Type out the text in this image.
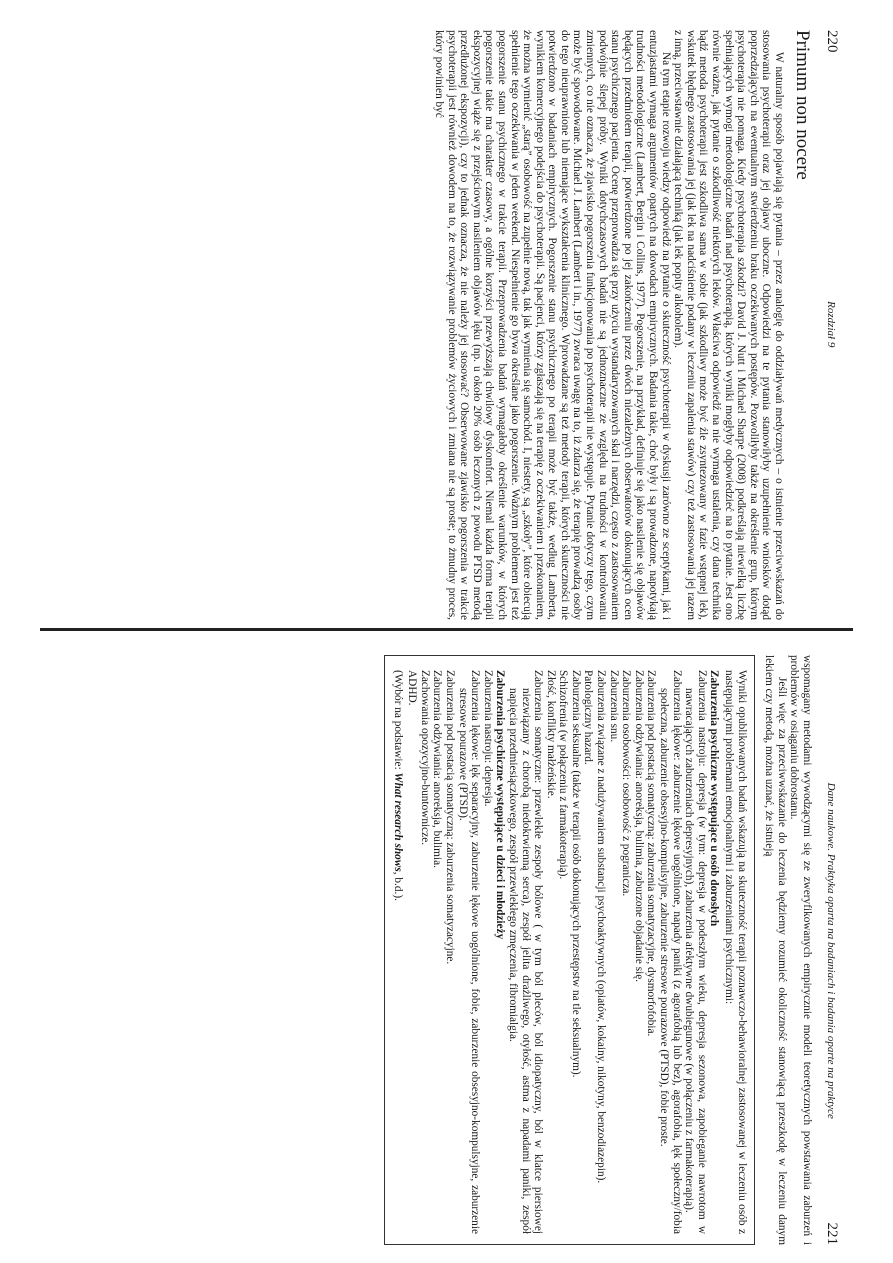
220
Rozdział 9
Primum non nocere

W naturalny sposób pojawiają się pytania – przez analogię do oddziaływań medycznych – o istnienie przeciwwskazań do stosowania psychoterapii oraz jej objawy uboczne. Odpowiedzi na te pytania stanowiłyby uzupełnienie wniosków dotąd poprzedzających na ewentualnym stwierdzeniu braku oczekiwanych postępów. Pozwoliłyby także na określenie grup, którym psychoterapia nie pomaga. Kiedy psychoterapia szkodzi? David J. Nutt i Michael Sharpe (2008) podkreślają niewielką liczbę spełniających wymogi metodologiczne badań nad psychoterapią, których wyniki mogłyby odpowiedzieć na to pytanie. Jest ono równie ważne, jak pytanie o szkodliwość niektórych leków. Właściwa odpowiedź na nie wymaga ustalenia, czy dana technika bądź metoda psychoterapii jest szkodliwa sama w sobie (jak szkodliwy może być źle zsyntezowany w fazie wstępnej lek), wskutek błędnego zastosowania jej (jak lek na nadciśnienie podany w leczeniu zapalenia stawów) czy też zastosowania jej razem z inną, przeciwstawnie działającą techniką (jak lek popity alkoholem).

Na tym etapie rozwoju wiedzy odpowiedź na pytanie o skuteczność psychoterapii w dyskusji zarówno ze sceptykami, jak i entuzjastami wymaga argumentów opartych na dowodach empirycznych. Badania takie, choć były i są prowadzone, napotykają trudności metodologiczne (Lambert, Bergin i Collins, 1977). Pogorszenie, na przykład, definiuje się jako nasilenie się objawów będących przedmiotem terapii, potwierdzone po jej zakończeniu przez dwóch niezależnych obserwatorów dokonujących ocen stanu psychicznego pacjenta. Ocenę przeprowadza się przy użyciu wystandaryzowanych skal i narzędzi, często z zastosowaniem podwójnie ślepej próby. Wyniki dotychczasowych badań nie są jednoznaczne ze względu na trudności w kontrolowaniu zmiennych, co nie oznacza, że zjawisko pogorszenia funkcjonowania po psychoterapii nie występuje. Pytanie dotyczy tego, czym może być spowodowane. Michael J. Lambert (Lambert i in., 1977) zwraca uwagę na to, iż zdarza się, że terapię prowadzą osoby do tego nieuprawnione lub niemające wykształcenia klinicznego. Wprowadzane są też metody terapii, których skuteczności nie potwierdzono w badaniach empirycznych. Pogorszenie stanu psychicznego po terapii może być także, według Lamberta, wynikiem komercyjnego podejścia do psychoterapii. Są pacjenci, którzy zgłaszają się na terapię z oczekiwaniem i przekonaniem, że można wymienić „starą” osobowość na zupełnie nową, tak jak wymienia się samochód. I, niestety, są „szkoły”, które obiecują spełnienie tego oczekiwania w jeden weekend. Niespełnienie go bywa określane jako pogorszenie. Ważnym problemem jest też pogorszenie stanu psychicznego w trakcie terapii. Przeprowadzenia badań wymagałoby określenie warunków, w których pogorszenie takie ma charakter czasowy, a ogólne korzyści przewyższają chwilowy dyskomfort. Niemal każda forma terapii ekspozycyjnej wiąże się z przejściowym nasileniem objawów lęku (np. u około 20% osób leczonych z powodu PTSD metodą przedłużonej ekspozycji), czy to jednak oznacza, że nie należy jej stosować? Obserwowane zjawisko pogorszenia w trakcie psychoterapii jest również dowodem na to, że rozwiązywanie problemów życiowych i zmiana nie są proste; to żmudny proces, który powinien być

Dane naukowe. Praktyka oparta na badaniach i badania oparte na praktyce
221

wspomagany metodami wywodzącymi się ze zweryfikowanych empirycznie modeli teoretycznych powstawania zaburzeń i problemów w osiąganiu dobrostanu.

Jeśli więc za przeciwwskazanie do leczenia będziemy rozumieć okoliczność stanowiącą przeszkodę w leczeniu danym lekiem czy metodą, można uznać, że istnieją

Wyniki opublikowanych badań wskazują na skuteczność terapii poznawczo-behawioralnej zastosowanej w leczeniu osób z następującymi problemami emocjonalnymi i zaburzeniami psychicznymi:
Zaburzenia psychiczne występujące u osób dorosłych
Zaburzenia nastroju: depresja (w tym: depresja w podeszłym wieku, depresja sezonowa, zapobieganie nawrotom w nawracających zaburzeniach depresyjnych), zaburzenia afektywne dwubiegunowe (w połączeniu z farmakoterapią).
Zaburzenia lękowe: zaburzenie lękowe uogólnione, napady paniki (z agorafobią lub bez), agorafobia, lęk społeczny/fobia społeczna, zaburzenie obsesyjno-kompulsyjne, zaburzenie stresowe pourazowe (PTSD), fobie proste.
Zaburzenia pod postacią somatyczną: zaburzenia somatyzacyjne, dysmorfofobia.
Zaburzenia odżywiania: anoreksja, bulimia, zaburzone objadanie się.
Zaburzenia osobowości: osobowość z pogranicza.
Zaburzenia snu.
Zaburzenia związane z nadużywaniem substancji psychoaktywnych (opiatów, kokainy, nikotyny, benzodiazepin).
Patologiczny hazard.
Zaburzenia seksualne (także w terapii osób dokonujących przestępstw na tle seksualnym).
Schizofrenia (w połączeniu z farmakoterapią).
Złość, konflikty małżeńskie.
Zaburzenia somatyczne: przewlekłe zespoły bólowe ( w tym ból pleców, ból idiopatyczny, ból w klatce piersiowej niezwiązany z chorobą niedokrwienną serca), zespół jelita drażliwego, otyłość, astma z napadami paniki, zespół napięcia przedmiesiączkowego, zespół przewlekłego zmęczenia, fibromialgia.
Zaburzenia psychiczne występujące u dzieci i młodzieży
Zaburzenia nastroju: depresja.
Zaburzenia lękowe: lęk separacyjny, zaburzenie lękowe uogólnione, fobie, zaburzenie obsesyjno-kompulsyjne, zaburzenie stresowe pourazowe (PTSD).
Zaburzenia pod postacią somatyczną: zaburzenia somatyzacyjne.
Zaburzenia odżywiania: anoreksja, bulimia.
Zachowania opozycyjno-buntownicze.
ADHD.
(Wybór na podstawie: What research shows, b.d.).
